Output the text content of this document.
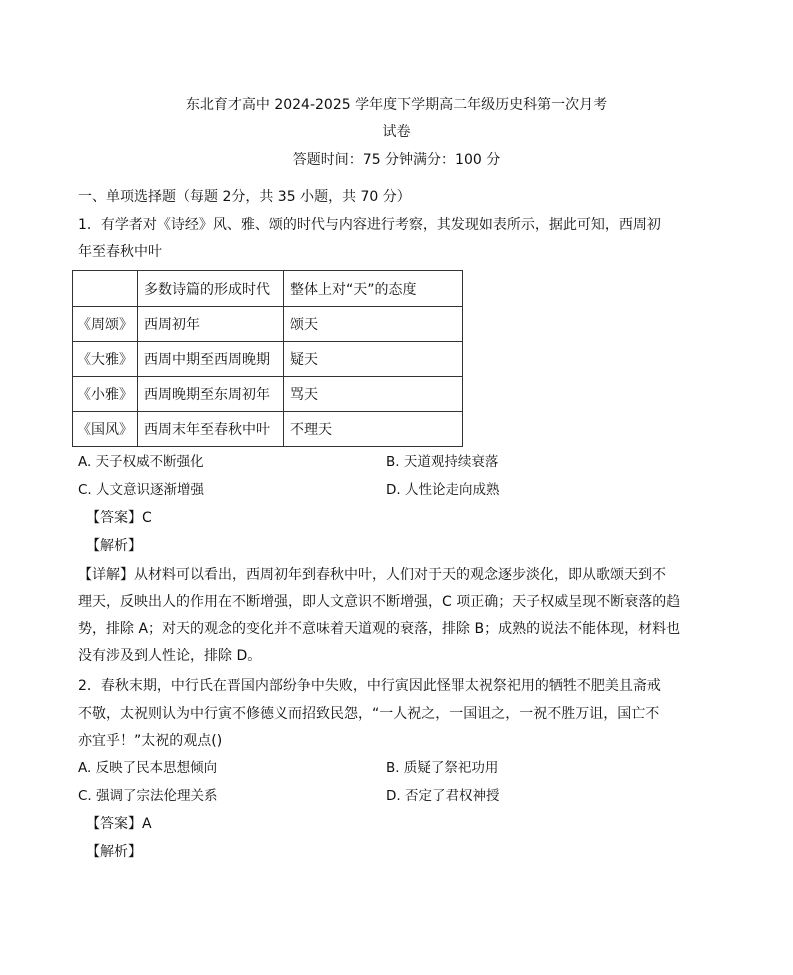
东北育才高中 2024-2025 学年度下学期高二年级历史科第一次月考
试卷
答题时间：75 分钟满分：100 分
一、单项选择题（每题 2分，共 35 小题，共 70 分）
1．有学者对《诗经》风、雅、颂的时代与内容进行考察，其发现如表所示，据此可知，西周初
年至春秋中叶
	多数诗篇的形成时代	整体上对“天”的态度
《周颂》	西周初年	颂天
《大雅》	西周中期至西周晚期	疑天
《小雅》	西周晚期至东周初年	骂天
《国风》	西周末年至春秋中叶	不理天
A. 天子权威不断强化	B. 天道观持续衰落
C. 人文意识逐渐增强	D. 人性论走向成熟
【答案】C
【解析】
【详解】从材料可以看出，西周初年到春秋中叶，人们对于天的观念逐步淡化，即从歌颂天到不
理天，反映出人的作用在不断增强，即人文意识不断增强，C 项正确；天子权威呈现不断衰落的趋
势，排除 A；对天的观念的变化并不意味着天道观的衰落，排除 B；成熟的说法不能体现，材料也
没有涉及到人性论，排除 D。
2．春秋末期，中行氏在晋国内部纷争中失败，中行寅因此怪罪太祝祭祀用的牺牲不肥美且斋戒
不敬，太祝则认为中行寅不修德义而招致民怨，“一人祝之，一国诅之，一祝不胜万诅，国亡不
亦宜乎！”太祝的观点()
A. 反映了民本思想倾向	B. 质疑了祭祀功用
C. 强调了宗法伦理关系	D. 否定了君权神授
【答案】A
【解析】
